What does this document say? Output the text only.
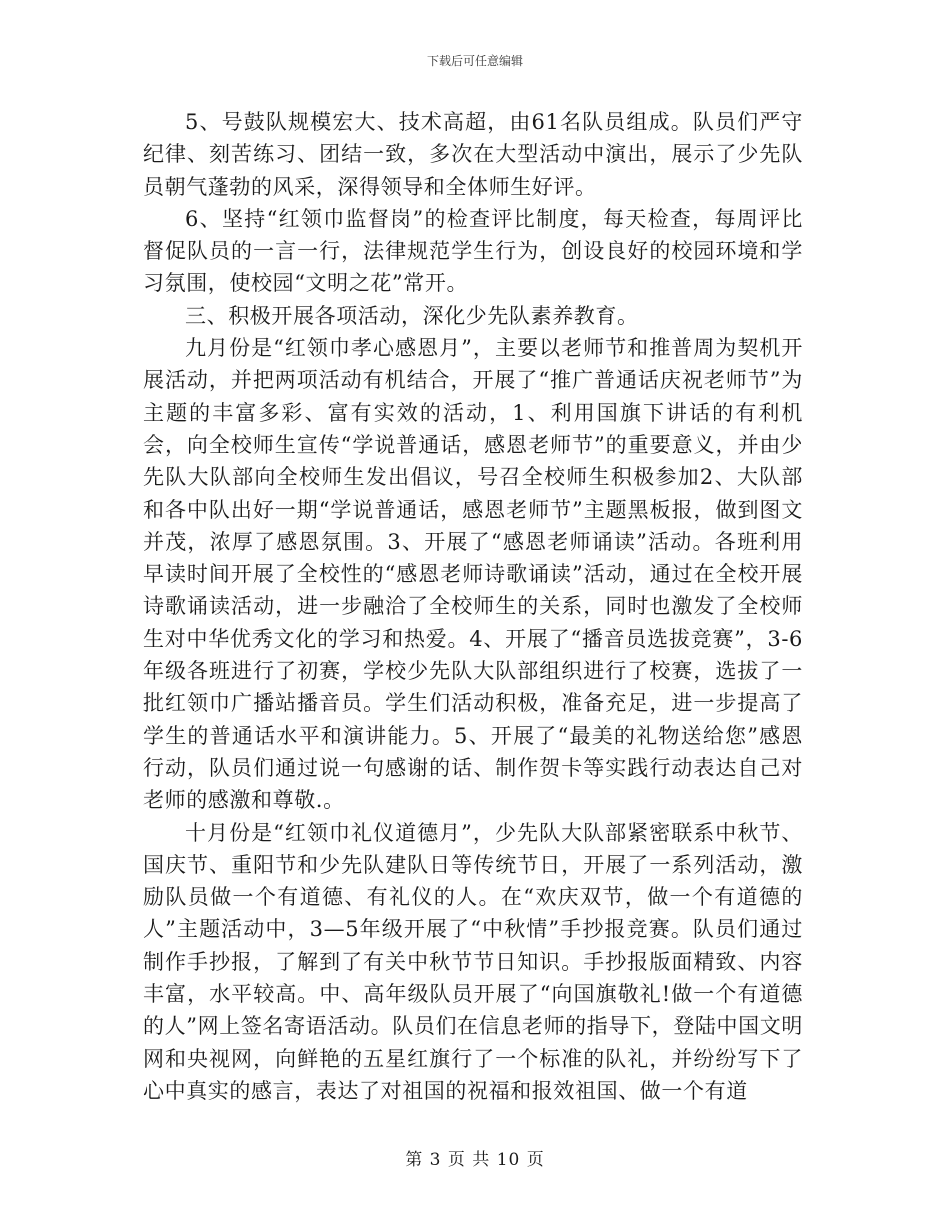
下载后可任意编辑

5、号鼓队规模宏大、技术高超，由61名队员组成。队员们严守纪律、刻苦练习、团结一致，多次在大型活动中演出，展示了少先队员朝气蓬勃的风采，深得领导和全体师生好评。

6、坚持“红领巾监督岗”的检查评比制度，每天检查，每周评比督促队员的一言一行，法律规范学生行为，创设良好的校园环境和学习氛围，使校园“文明之花”常开。

三、积极开展各项活动，深化少先队素养教育。

九月份是“红领巾孝心感恩月”，主要以老师节和推普周为契机开展活动，并把两项活动有机结合，开展了“推广普通话庆祝老师节”为主题的丰富多彩、富有实效的活动，1、利用国旗下讲话的有利机会，向全校师生宣传“学说普通话，感恩老师节”的重要意义，并由少先队大队部向全校师生发出倡议，号召全校师生积极参加2、大队部和各中队出好一期“学说普通话，感恩老师节”主题黑板报，做到图文并茂，浓厚了感恩氛围。3、开展了“感恩老师诵读”活动。各班利用早读时间开展了全校性的“感恩老师诗歌诵读”活动，通过在全校开展诗歌诵读活动，进一步融洽了全校师生的关系，同时也激发了全校师生对中华优秀文化的学习和热爱。4、开展了“播音员选拔竞赛”，3-6年级各班进行了初赛，学校少先队大队部组织进行了校赛，选拔了一批红领巾广播站播音员。学生们活动积极，准备充足，进一步提高了学生的普通话水平和演讲能力。5、开展了“最美的礼物送给您”感恩行动，队员们通过说一句感谢的话、制作贺卡等实践行动表达自己对老师的感激和尊敬.。

十月份是“红领巾礼仪道德月”，少先队大队部紧密联系中秋节、国庆节、重阳节和少先队建队日等传统节日，开展了一系列活动，激励队员做一个有道德、有礼仪的人。在“欢庆双节，做一个有道德的人”主题活动中，3—5年级开展了“中秋情”手抄报竞赛。队员们通过制作手抄报，了解到了有关中秋节节日知识。手抄报版面精致、内容丰富，水平较高。中、高年级队员开展了“向国旗敬礼!做一个有道德的人”网上签名寄语活动。队员们在信息老师的指导下，登陆中国文明网和央视网，向鲜艳的五星红旗行了一个标准的队礼，并纷纷写下了心中真实的感言，表达了对祖国的祝福和报效祖国、做一个有道

第 3 页 共 10 页
